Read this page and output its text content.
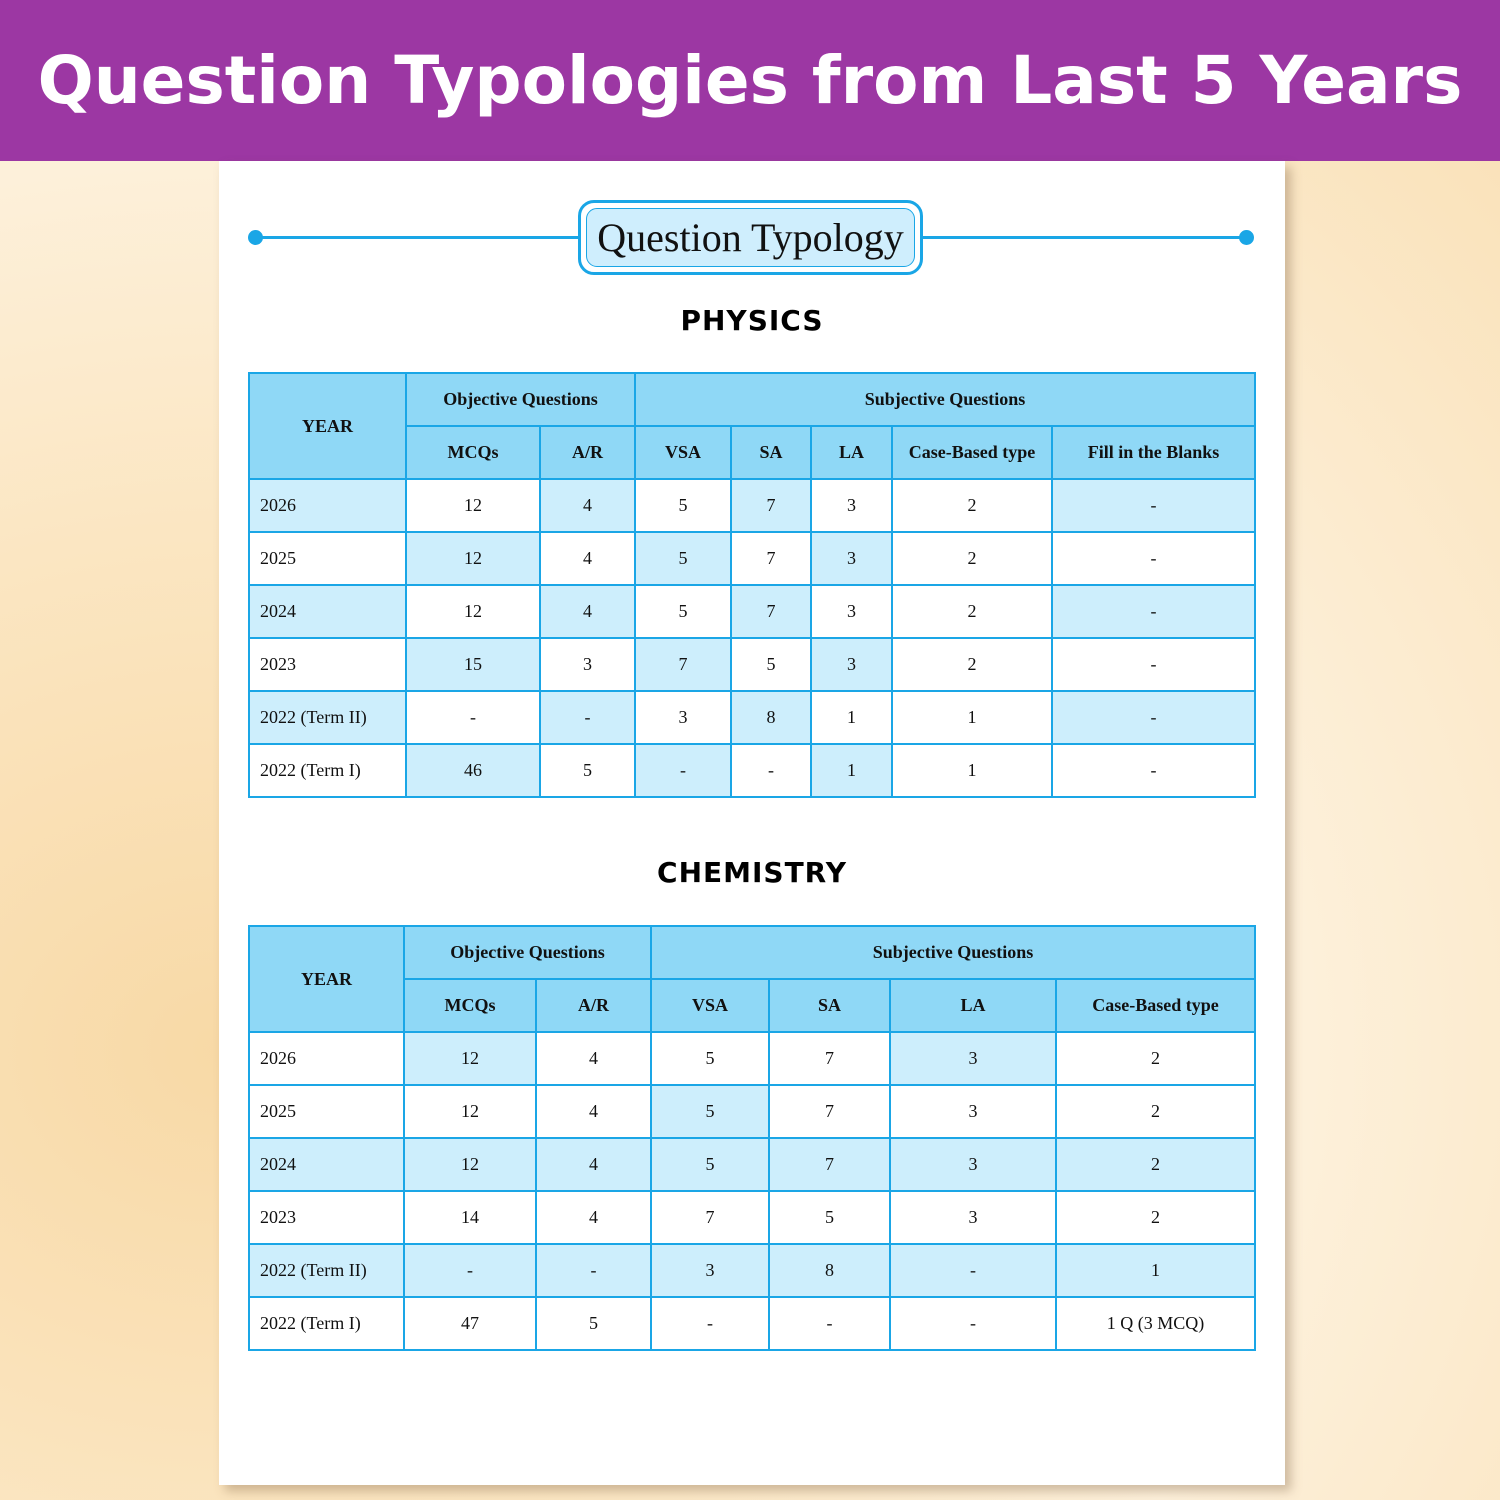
Question Typologies from Last 5 Years
Question Typology
PHYSICS
YEAR	Objective Questions		Subjective Questions				
	MCQs	A/R	VSA	SA	LA	Case-Based type	Fill in the Blanks
2026	12	4	5	7	3	2	-
2025	12	4	5	7	3	2	-
2024	12	4	5	7	3	2	-
2023	15	3	7	5	3	2	-
2022 (Term II)	-	-	3	8	1	1	-
2022 (Term I)	46	5	-	-	1	1	-
CHEMISTRY
YEAR	Objective Questions		Subjective Questions			
	MCQs	A/R	VSA	SA	LA	Case-Based type
2026	12	4	5	7	3	2
2025	12	4	5	7	3	2
2024	12	4	5	7	3	2
2023	14	4	7	5	3	2
2022 (Term II)	-	-	3	8	-	1
2022 (Term I)	47	5	-	-	-	1 Q (3 MCQ)
